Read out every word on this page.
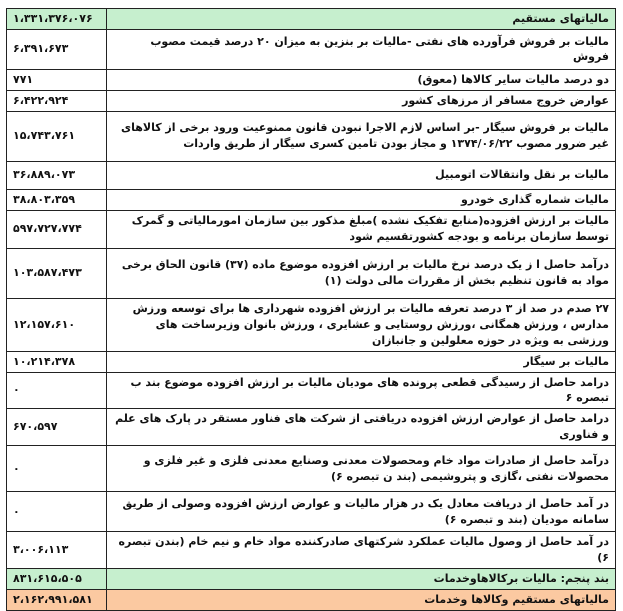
۱،۳۳۱،۳۷۶،۰۷۶	مالیاتهای مستقیم
۶،۳۹۱،۶۷۳	مالیات بر فروش فرآورده های نفتی -مالیات بر بنزین به میزان ۲۰ درصد قیمت مصوب فروش
۷۷۱	دو درصد مالیات سایر کالاها (معوق)
۶،۴۲۲،۹۲۴	عوارض خروج مسافر از مرزهای کشور
۱۵،۷۴۳،۷۶۱	مالیات بر فروش سیگار -بر اساس لازم الاجرا نبودن قانون ممنوعیت ورود برخی از کالاهای غیر ضرور مصوب ۱۳۷۴/۰۶/۲۲ و مجاز بودن تامین کسری سیگار از طریق واردات
۳۶،۸۸۹،۰۷۳	مالیات بر نقل وانتقالات اتومبیل
۳۸،۸۰۳،۳۵۹	مالیات شماره گذاری خودرو
۵۹۷،۷۲۷،۷۷۴	مالیات بر ارزش افزوده(منابع تفکیک نشده )مبلغ مذکور بین سازمان امورمالیاتی و گمرک توسط سازمان برنامه و بودجه کشورتقسیم شود
۱۰۳،۵۸۷،۴۷۳	درآمد حاصل ا ز یک درصد نرخ مالیات بر ارزش افزوده موضوع ماده (۳۷) قانون الحاق برخی مواد به قانون تنظیم بخش از مقررات مالی دولت (۱)
۱۲،۱۵۷،۶۱۰	۲۷ صدم در صد از ۳ درصد تعرفه مالیات بر ارزش افزوده شهرداری ها برای توسعه ورزش مدارس ، ورزش همگانی ،ورزش روستایی و عشایری ، ورزش بانوان وزیرساخت های ورزشی به ویژه در حوزه معلولین و جانبازان
۱۰،۲۱۴،۳۷۸	مالیات بر سیگار
۰	درامد حاصل از رسیدگی قطعی پرونده های مودیان مالیات بر ارزش افزوده موضوع بند ب تبصره ۶
۶۷۰،۵۹۷	درامد حاصل از عوارض ارزش افزوده دریافتی از شرکت های فناور مستقر در پارک های علم و فناوری
۰	درآمد حاصل از صادرات مواد خام ومحصولات معدنی وصنایع معدنی فلزی و غیر فلزی و محصولات نفتی ،گازی و پتروشیمی (بند ن تبصره ۶)
۰	در آمد حاصل از دریافت معادل یک در هزار مالیات و عوارض ارزش افزوده وصولی از طریق سامانه مودیان (بند و تبصره ۶)
۳،۰۰۶،۱۱۳	در آمد حاصل از وصول مالیات عملکرد شرکتهای صادرکننده مواد خام و نیم خام (بندن تبصره ۶)
۸۳۱،۶۱۵،۵۰۵	بند پنجم: مالیات برکالاهاوخدمات
۲،۱۶۲،۹۹۱،۵۸۱	مالیاتهای مستقیم وکالاها وخدمات
